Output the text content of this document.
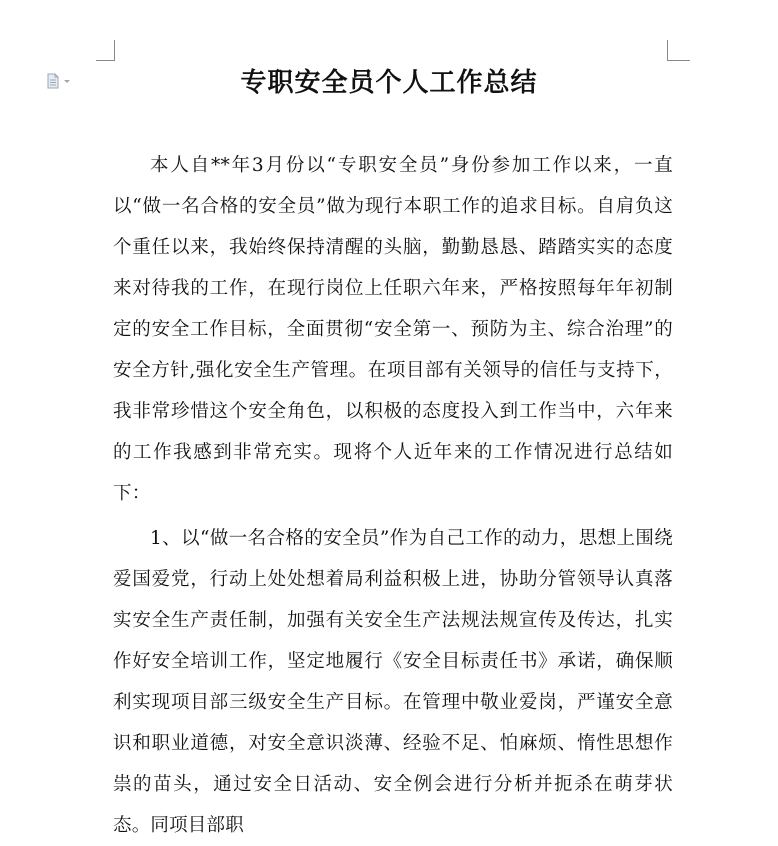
专职安全员个人工作总结

本人自**年3月份以“专职安全员”身份参加工作以来，一直以“做一名合格的安全员”做为现行本职工作的追求目标。自肩负这个重任以来，我始终保持清醒的头脑，勤勤恳恳、踏踏实实的态度来对待我的工作，在现行岗位上任职六年来，严格按照每年年初制定的安全工作目标，全面贯彻“安全第一、预防为主、综合治理”的安全方针,强化安全生产管理。在项目部有关领导的信任与支持下，我非常珍惜这个安全角色，以积极的态度投入到工作当中，六年来的工作我感到非常充实。现将个人近年来的工作情况进行总结如下：

1、以“做一名合格的安全员”作为自己工作的动力，思想上围绕爱国爱党，行动上处处想着局利益积极上进，协助分管领导认真落实安全生产责任制，加强有关安全生产法规法规宣传及传达，扎实作好安全培训工作，坚定地履行《安全目标责任书》承诺，确保顺利实现项目部三级安全生产目标。在管理中敬业爱岗，严谨安全意识和职业道德，对安全意识淡薄、经验不足、怕麻烦、惰性思想作祟的苗头，通过安全日活动、安全例会进行分析并扼杀在萌芽状态。同项目部职
